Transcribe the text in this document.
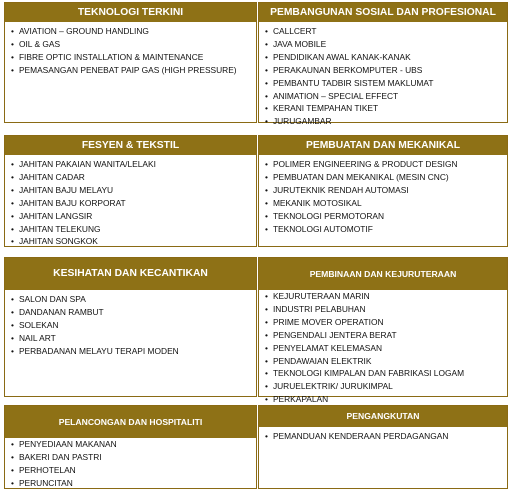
TEKNOLOGI TERKINI
• AVIATION – GROUND HANDLING
• OIL & GAS
• FIBRE OPTIC INSTALLATION & MAINTENANCE
• PEMASANGAN PENEBAT PAIP GAS (HIGH PRESSURE)
PEMBANGUNAN SOSIAL DAN PROFESIONAL
• CALLCERT
• JAVA MOBILE
• PENDIDIKAN AWAL KANAK-KANAK
• PERAKAUNAN BERKOMPUTER - UBS
• PEMBANTU TADBIR SISTEM MAKLUMAT
• ANIMATION – SPECIAL EFFECT
• KERANI TEMPAHAN TIKET
• JURUGAMBAR
FESYEN & TEKSTIL
• JAHITAN PAKAIAN WANITA/LELAKI
• JAHITAN CADAR
• JAHITAN BAJU MELAYU
• JAHITAN BAJU KORPORAT
• JAHITAN LANGSIR
• JAHITAN TELEKUNG
• JAHITAN SONGKOK
PEMBUATAN DAN MEKANIKAL
• POLIMER ENGINEERING & PRODUCT DESIGN
• PEMBUATAN DAN MEKANIKAL (MESIN CNC)
• JURUTEKNIK RENDAH AUTOMASI
• MEKANIK MOTOSIKAL
• TEKNOLOGI PERMOTORAN
• TEKNOLOGI AUTOMOTIF
KESIHATAN DAN KECANTIKAN
• SALON DAN SPA
• DANDANAN RAMBUT
• SOLEKAN
• NAIL ART
• PERBADANAN MELAYU TERAPI MODEN
PEMBINAAN DAN KEJURUTERAAN
• KEJURUTERAAN MARIN
• INDUSTRI PELABUHAN
• PRIME MOVER OPERATION
• PENGENDALI JENTERA BERAT
• PENYELAMAT KELEMASAN
• PENDAWAIAN ELEKTRIK
• TEKNOLOGI KIMPALAN DAN FABRIKASI LOGAM
• JURUELEKTRIK/ JURUKIMPAL
• PERKAPALAN
PELANCONGAN DAN HOSPITALITI
• PENYEDIAAN MAKANAN
• BAKERI DAN PASTRI
• PERHOTELAN
• PERUNCITAN
PENGANGKUTAN
• PEMANDUAN KENDERAAN PERDAGANGAN
